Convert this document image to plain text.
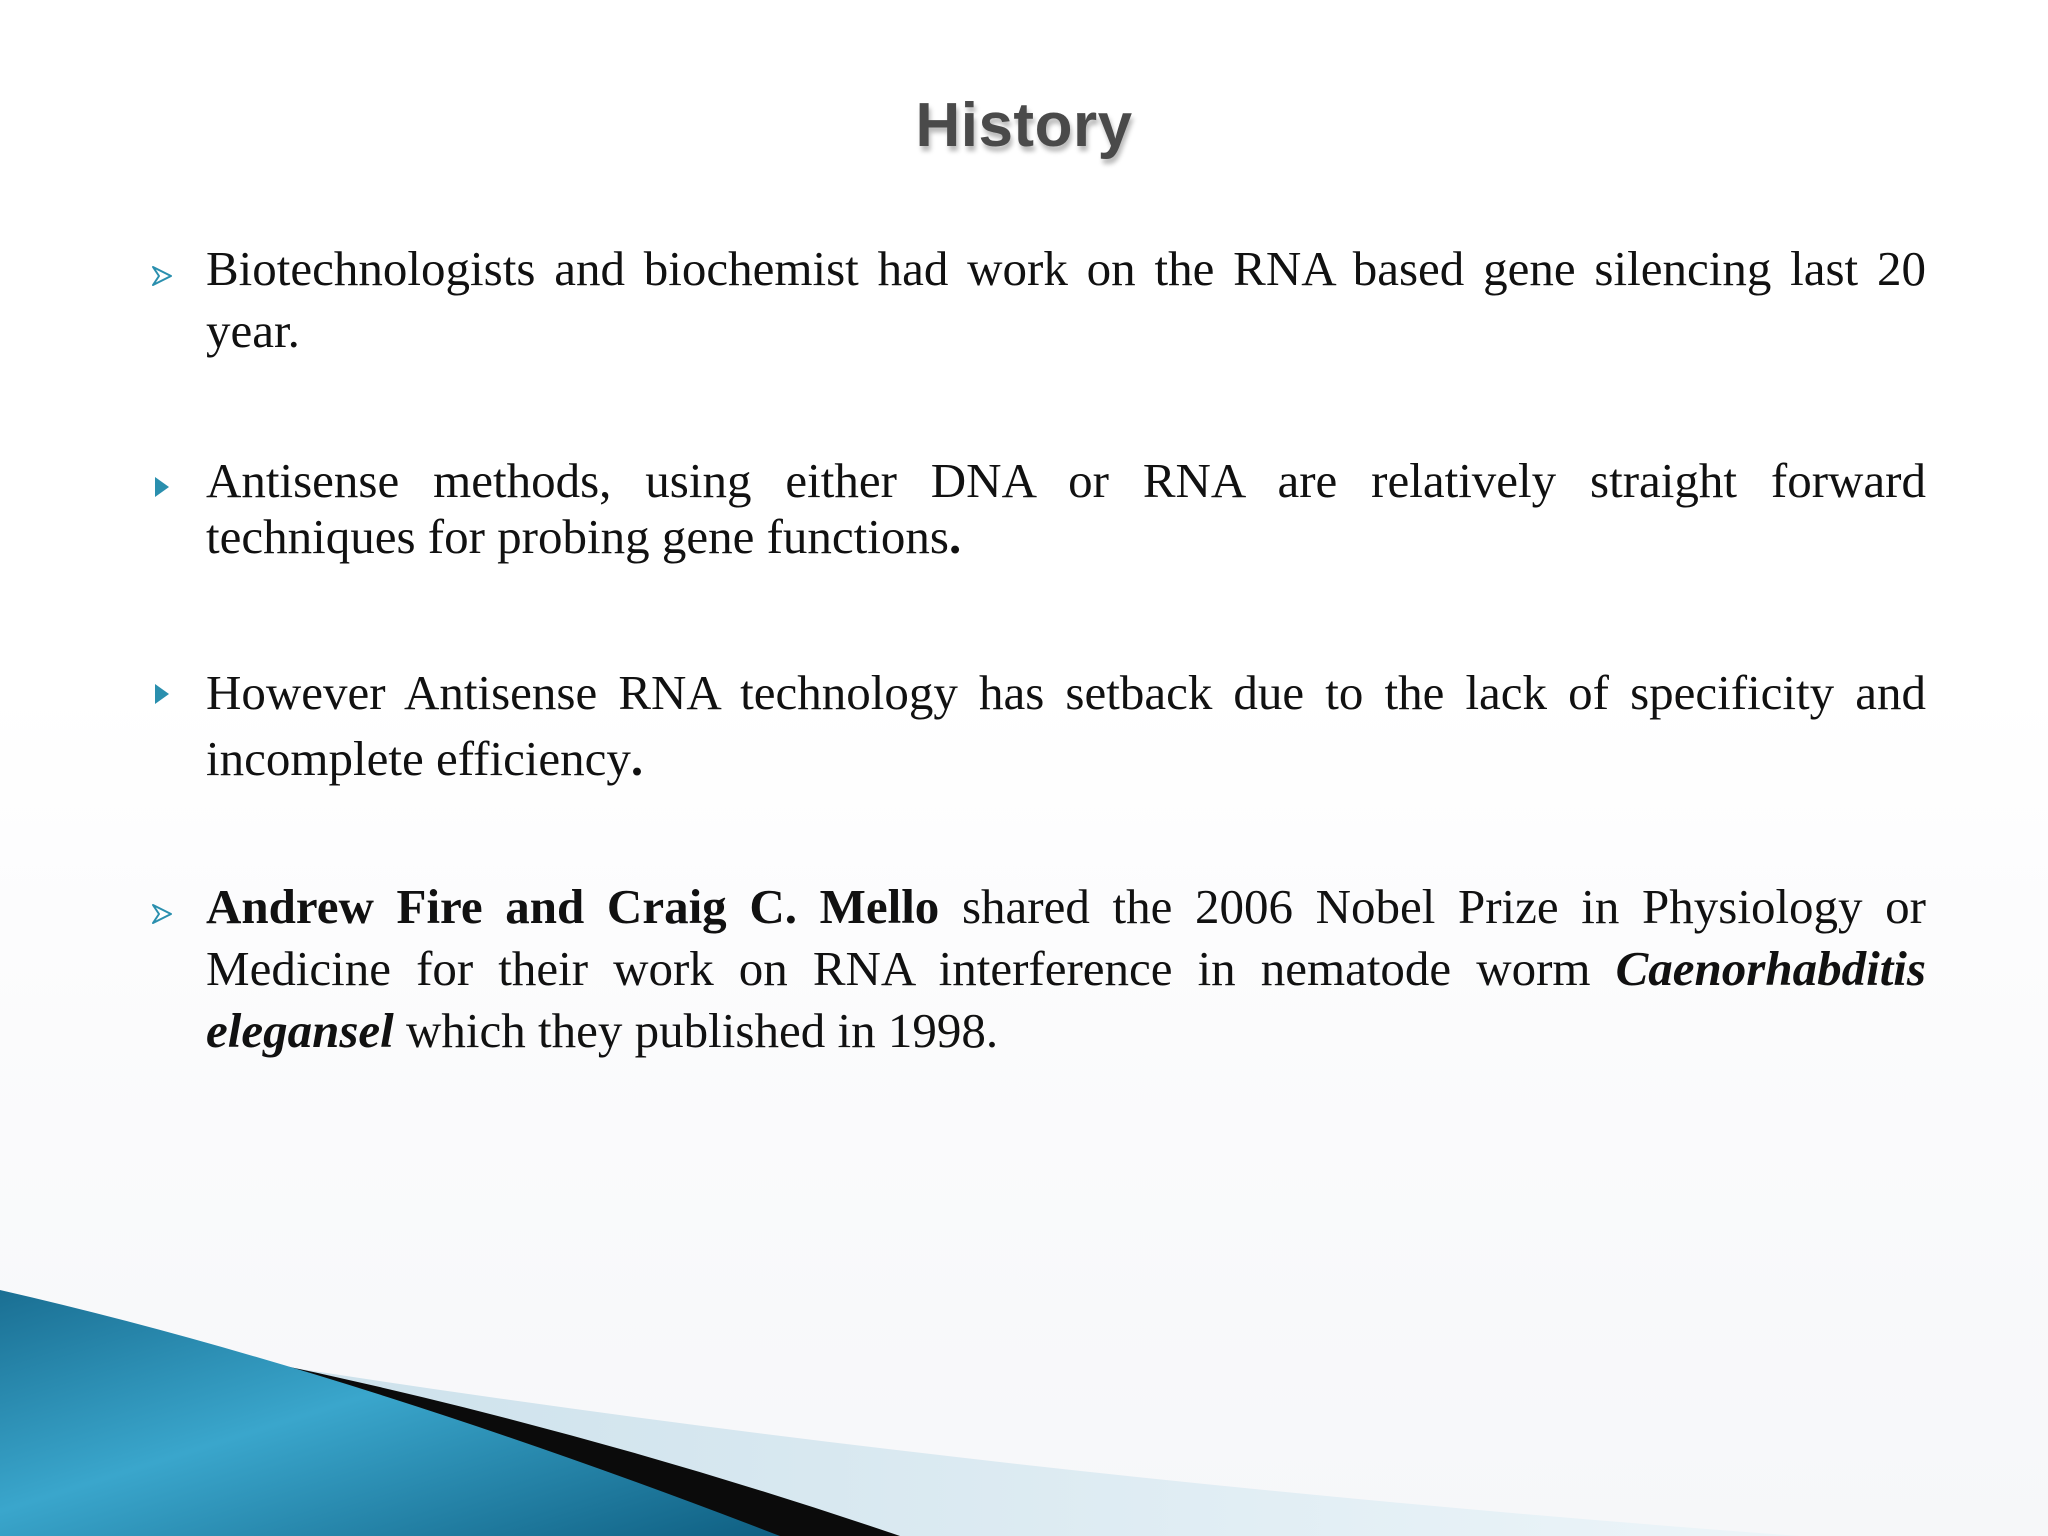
History

Biotechnologists and biochemist had work on the RNA based gene silencing last 20 year.

Antisense methods, using either DNA or RNA are relatively straight forward techniques for probing gene functions.

However Antisense RNA technology has setback due to the lack of specificity and incomplete efficiency.

Andrew Fire and Craig C. Mello shared the 2006 Nobel Prize in Physiology or Medicine for their work on RNA interference in nematode worm Caenorhabditis elegansel which they published in 1998.
